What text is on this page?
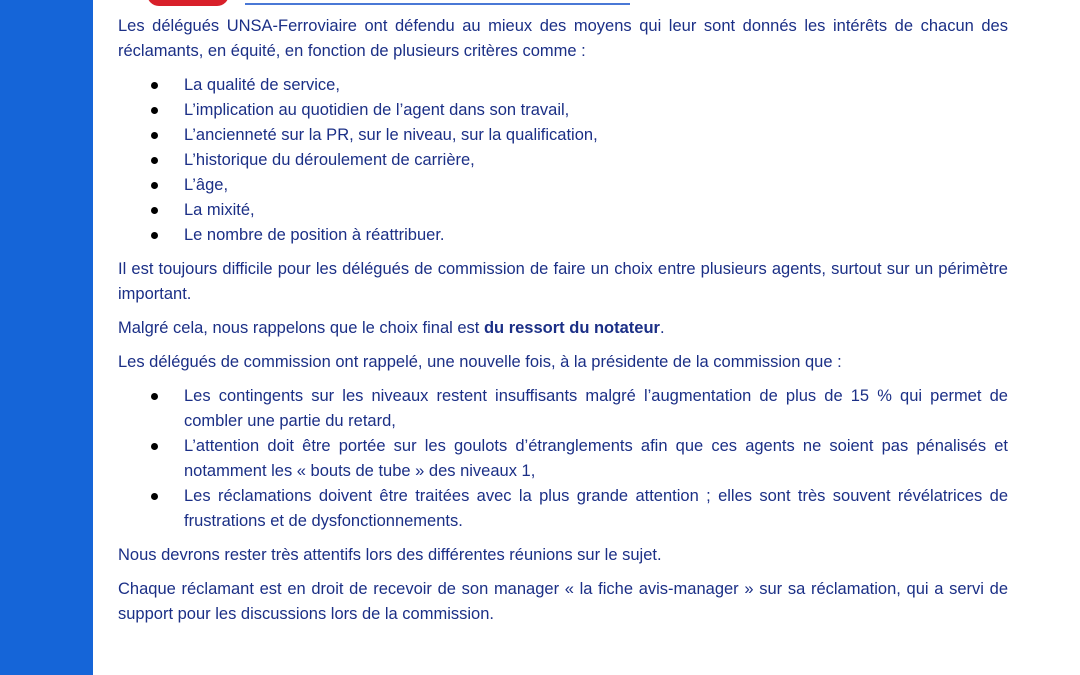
Les délégués UNSA-Ferroviaire ont défendu au mieux des moyens qui leur sont donnés les intérêts de chacun des réclamants, en équité, en fonction de plusieurs critères comme :

La qualité de service,
L’implication au quotidien de l’agent dans son travail,
L’ancienneté sur la PR, sur le niveau, sur la qualification,
L’historique du déroulement de carrière,
L’âge,
La mixité,
Le nombre de position à réattribuer.

Il est toujours difficile pour les délégués de commission de faire un choix entre plusieurs agents, surtout sur un périmètre important.

Malgré cela, nous rappelons que le choix final est du ressort du notateur.

Les délégués de commission ont rappelé, une nouvelle fois, à la présidente de la commission que :

Les contingents sur les niveaux restent insuffisants malgré l’augmentation de plus de 15 % qui permet de combler une partie du retard,
L’attention doit être portée sur les goulots d’étranglements afin que ces agents ne soient pas pénalisés et notamment les « bouts de tube » des niveaux 1,
Les réclamations doivent être traitées avec la plus grande attention ; elles sont très souvent révélatrices de frustrations et de dysfonctionnements.

Nous devrons rester très attentifs lors des différentes réunions sur le sujet.

Chaque réclamant est en droit de recevoir de son manager « la fiche avis-manager » sur sa réclamation, qui a servi de support pour les discussions lors de la commission.
